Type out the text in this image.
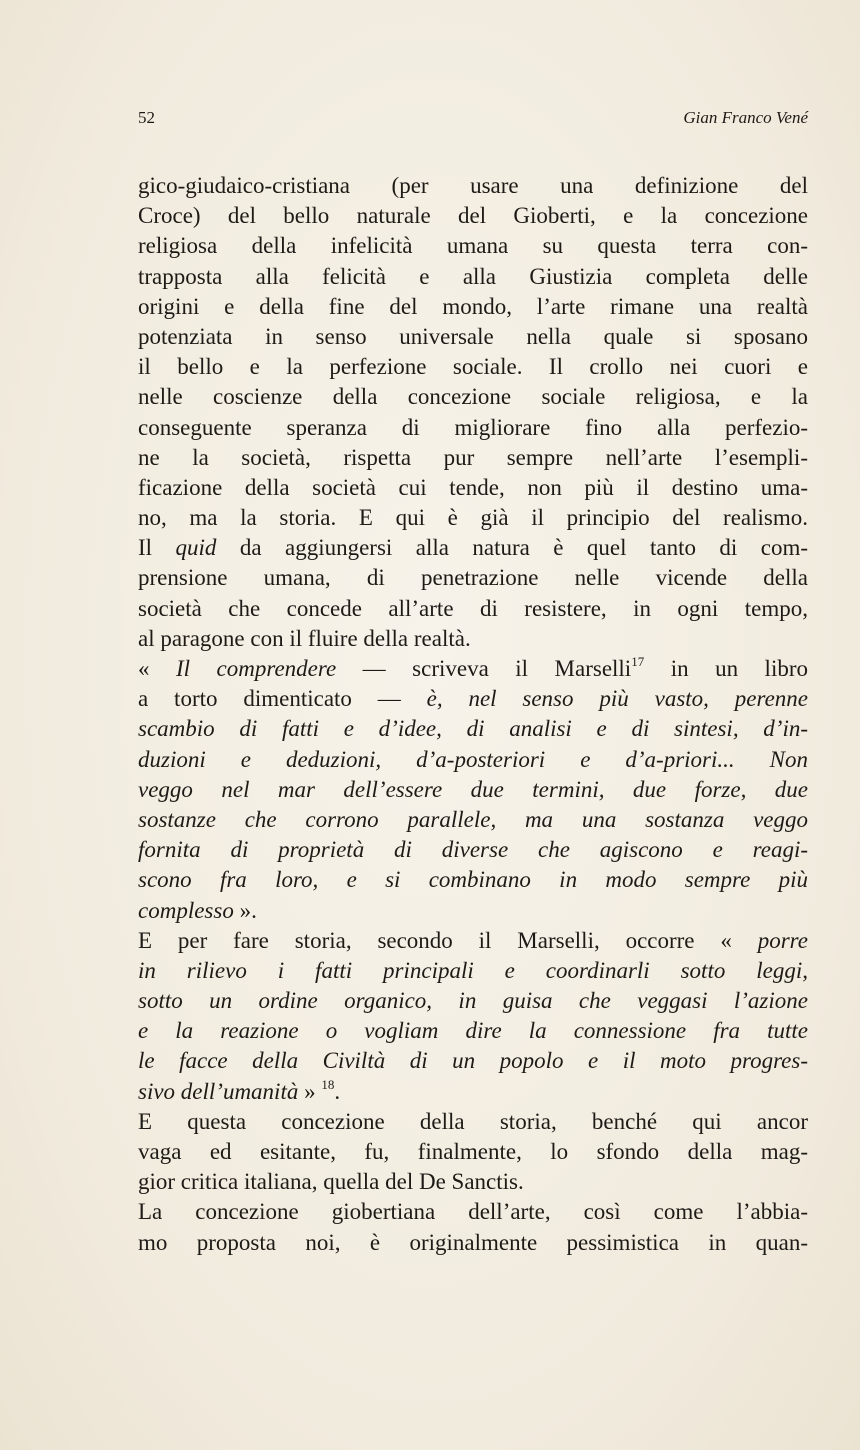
52	Gian Franco Vené
gico-giudaico-cristiana (per usare una definizione del
Croce) del bello naturale del Gioberti, e la concezione
religiosa della infelicità umana su questa terra con-
trapposta alla felicità e alla Giustizia completa delle
origini e della fine del mondo, l’arte rimane una realtà
potenziata in senso universale nella quale si sposano
il bello e la perfezione sociale. Il crollo nei cuori e
nelle coscienze della concezione sociale religiosa, e la
conseguente speranza di migliorare fino alla perfezio-
ne la società, rispetta pur sempre nell’arte l’esempli-
ficazione della società cui tende, non più il destino uma-
no, ma la storia. E qui è già il principio del realismo.
Il quid da aggiungersi alla natura è quel tanto di com-
prensione umana, di penetrazione nelle vicende della
società che concede all’arte di resistere, in ogni tempo,
al paragone con il fluire della realtà.
« Il comprendere — scriveva il Marselli$^{17}$ in un libro
a torto dimenticato — è, nel senso più vasto, perenne
scambio di fatti e d’idee, di analisi e di sintesi, d’in-
duzioni e deduzioni, d’a-posteriori e d’a-priori... Non
veggo nel mar dell’essere due termini, due forze, due
sostanze che corrono parallele, ma una sostanza veggo
fornita di proprietà di diverse che agiscono e reagi-
scono fra loro, e si combinano in modo sempre più
complesso ».
E per fare storia, secondo il Marselli, occorre « porre
in rilievo i fatti principali e coordinarli sotto leggi,
sotto un ordine organico, in guisa che veggasi l’azione
e la reazione o vogliam dire la connessione fra tutte
le facce della Civiltà di un popolo e il moto progres-
sivo dell’umanità » $^{18}$.
E questa concezione della storia, benché qui ancor
vaga ed esitante, fu, finalmente, lo sfondo della mag-
gior critica italiana, quella del De Sanctis.
La concezione giobertiana dell’arte, così come l’abbia-
mo proposta noi, è originalmente pessimistica in quan-
